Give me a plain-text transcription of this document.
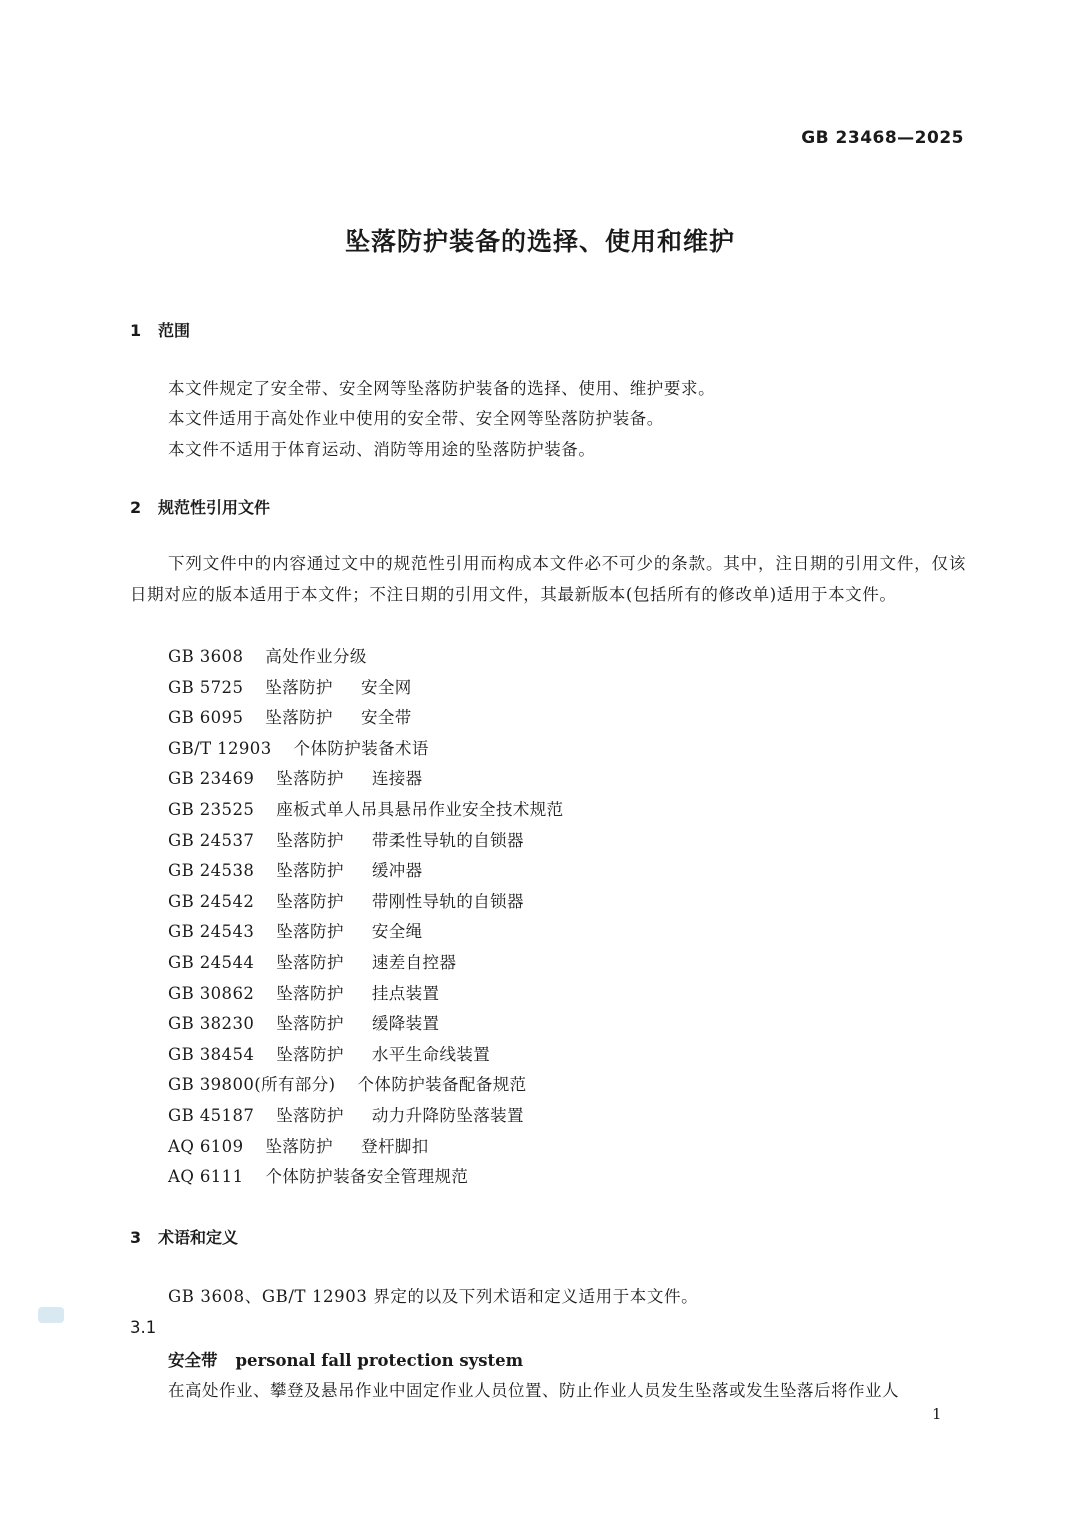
GB 23468—2025
坠落防护装备的选择、使用和维护
1 范围
本文件规定了安全带、安全网等坠落防护装备的选择、使用、维护要求。
本文件适用于高处作业中使用的安全带、安全网等坠落防护装备。
本文件不适用于体育运动、消防等用途的坠落防护装备。
2 规范性引用文件
下列文件中的内容通过文中的规范性引用而构成本文件必不可少的条款。其中，注日期的引用文件，仅该日期对应的版本适用于本文件；不注日期的引用文件，其最新版本(包括所有的修改单)适用于本文件。
GB 3608 高处作业分级
GB 5725 坠落防护 安全网
GB 6095 坠落防护 安全带
GB/T 12903 个体防护装备术语
GB 23469 坠落防护 连接器
GB 23525 座板式单人吊具悬吊作业安全技术规范
GB 24537 坠落防护 带柔性导轨的自锁器
GB 24538 坠落防护 缓冲器
GB 24542 坠落防护 带刚性导轨的自锁器
GB 24543 坠落防护 安全绳
GB 24544 坠落防护 速差自控器
GB 30862 坠落防护 挂点装置
GB 38230 坠落防护 缓降装置
GB 38454 坠落防护 水平生命线装置
GB 39800(所有部分) 个体防护装备配备规范
GB 45187 坠落防护 动力升降防坠落装置
AQ 6109 坠落防护 登杆脚扣
AQ 6111 个体防护装备安全管理规范
3 术语和定义
GB 3608、GB/T 12903 界定的以及下列术语和定义适用于本文件。
3.1
安全带 personal fall protection system
在高处作业、攀登及悬吊作业中固定作业人员位置、防止作业人员发生坠落或发生坠落后将作业人
1
